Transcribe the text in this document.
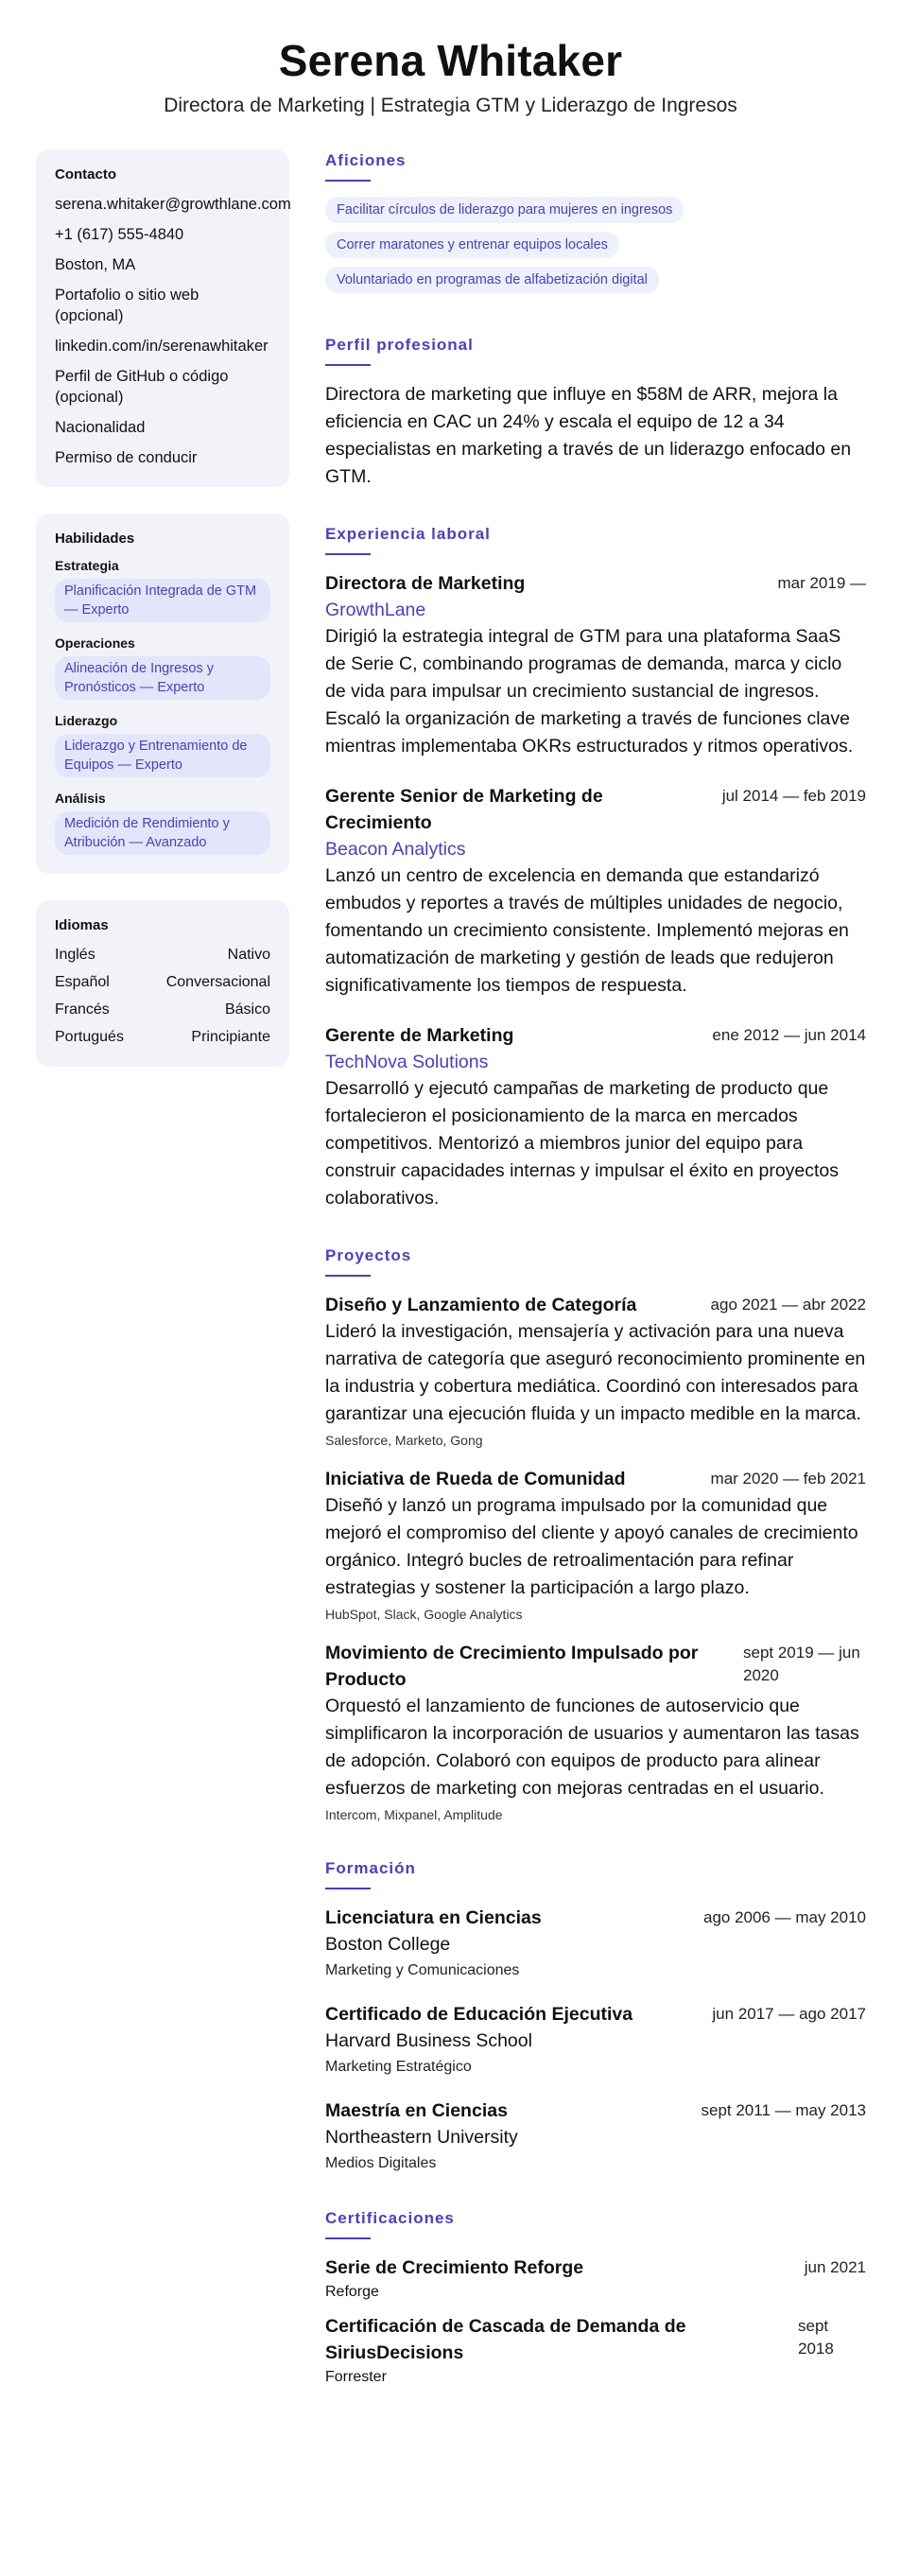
Serena Whitaker
Directora de Marketing | Estrategia GTM y Liderazgo de Ingresos
Contacto
serena.whitaker@growthlane.com
+1 (617) 555-4840
Boston, MA
Portafolio o sitio web (opcional)
linkedin.com/in/serenawhitaker
Perfil de GitHub o código (opcional)
Nacionalidad
Permiso de conducir
Habilidades
Estrategia
Planificación Integrada de GTM — Experto
Operaciones
Alineación de Ingresos y Pronósticos — Experto
Liderazgo
Liderazgo y Entrenamiento de Equipos — Experto
Análisis
Medición de Rendimiento y Atribución — Avanzado
Idiomas
Inglés	Nativo
Español	Conversacional
Francés	Básico
Portugués	Principiante
Aficiones
Facilitar círculos de liderazgo para mujeres en ingresos
Correr maratones y entrenar equipos locales
Voluntariado en programas de alfabetización digital
Perfil profesional
Directora de marketing que influye en $58M de ARR, mejora la eficiencia en CAC un 24% y escala el equipo de 12 a 34 especialistas en marketing a través de un liderazgo enfocado en GTM.
Experiencia laboral
Directora de Marketing	mar 2019 —
GrowthLane
Dirigió la estrategia integral de GTM para una plataforma SaaS de Serie C, combinando programas de demanda, marca y ciclo de vida para impulsar un crecimiento sustancial de ingresos. Escaló la organización de marketing a través de funciones clave mientras implementaba OKRs estructurados y ritmos operativos.
Gerente Senior de Marketing de Crecimiento
jul 2014 — feb 2019
Beacon Analytics
Lanzó un centro de excelencia en demanda que estandarizó embudos y reportes a través de múltiples unidades de negocio, fomentando un crecimiento consistente. Implementó mejoras en automatización de marketing y gestión de leads que redujeron significativamente los tiempos de respuesta.
Gerente de Marketing	ene 2012 — jun 2014
TechNova Solutions
Desarrolló y ejecutó campañas de marketing de producto que fortalecieron el posicionamiento de la marca en mercados competitivos. Mentorizó a miembros junior del equipo para construir capacidades internas y impulsar el éxito en proyectos colaborativos.
Proyectos
Diseño y Lanzamiento de Categoría	ago 2021 — abr 2022
Lideró la investigación, mensajería y activación para una nueva narrativa de categoría que aseguró reconocimiento prominente en la industria y cobertura mediática. Coordinó con interesados para garantizar una ejecución fluida y un impacto medible en la marca.
Salesforce, Marketo, Gong
Iniciativa de Rueda de Comunidad	mar 2020 — feb 2021
Diseñó y lanzó un programa impulsado por la comunidad que mejoró el compromiso del cliente y apoyó canales de crecimiento orgánico. Integró bucles de retroalimentación para refinar estrategias y sostener la participación a largo plazo.
HubSpot, Slack, Google Analytics
Movimiento de Crecimiento Impulsado por Producto
sept 2019 — jun 2020
Orquestó el lanzamiento de funciones de autoservicio que simplificaron la incorporación de usuarios y aumentaron las tasas de adopción. Colaboró con equipos de producto para alinear esfuerzos de marketing con mejoras centradas en el usuario.
Intercom, Mixpanel, Amplitude
Formación
Licenciatura en Ciencias	ago 2006 — may 2010
Boston College
Marketing y Comunicaciones
Certificado de Educación Ejecutiva	jun 2017 — ago 2017
Harvard Business School
Marketing Estratégico
Maestría en Ciencias	sept 2011 — may 2013
Northeastern University
Medios Digitales
Certificaciones
Serie de Crecimiento Reforge	jun 2021
Reforge
Certificación de Cascada de Demanda de SiriusDecisions
sept 2018
Forrester
